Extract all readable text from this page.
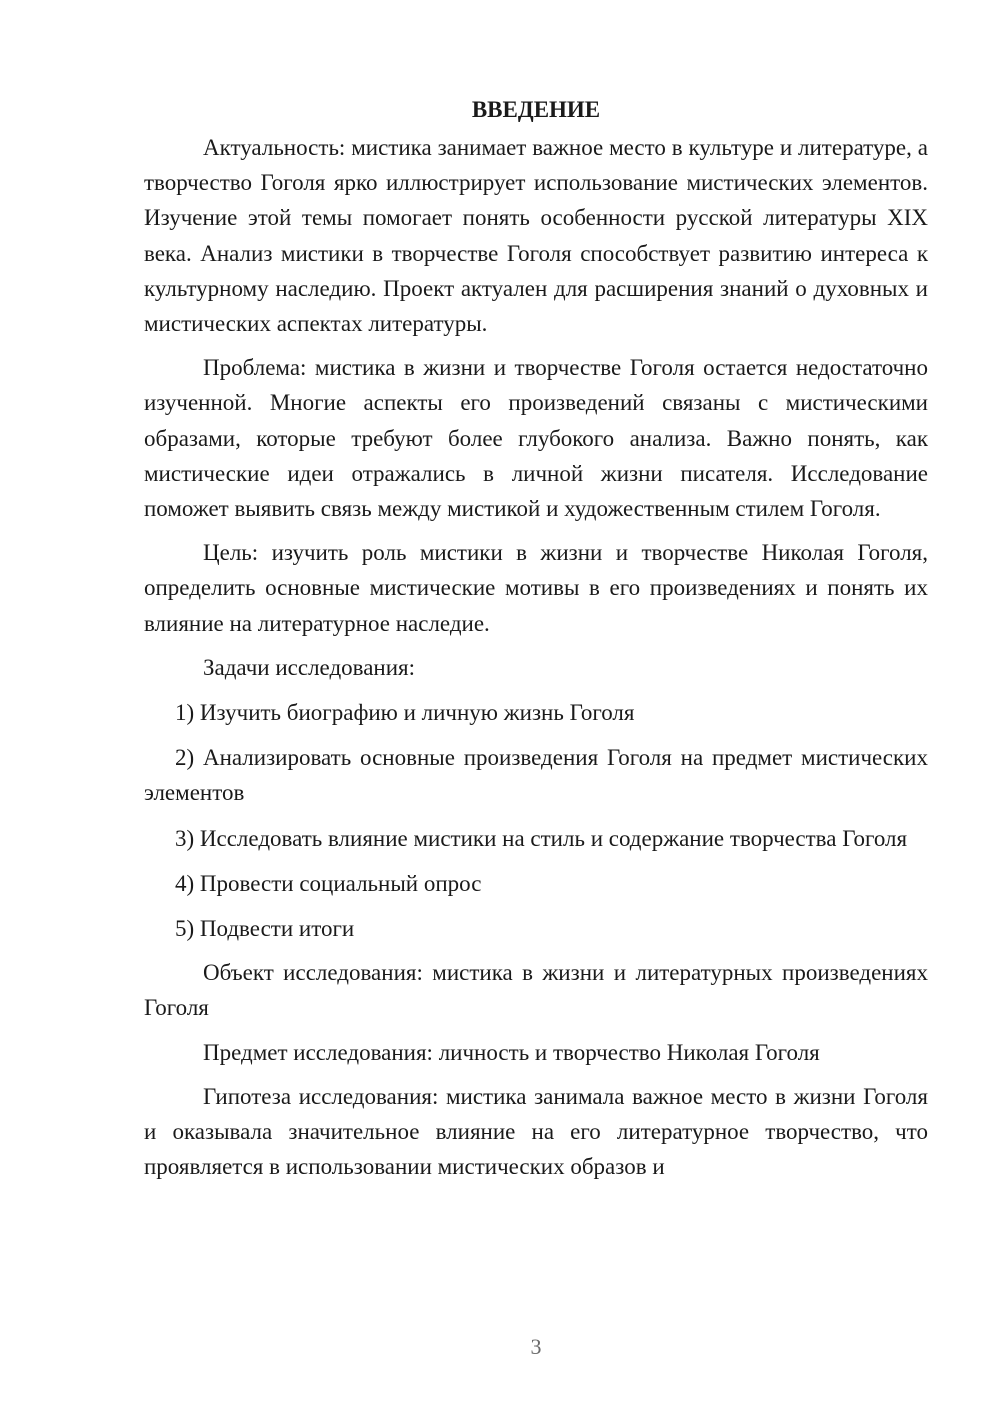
ВВЕДЕНИЕ

Актуальность: мистика занимает важное место в культуре и литературе, а творчество Гоголя ярко иллюстрирует использование мистических элементов. Изучение этой темы помогает понять особенности русской литературы XIX века. Анализ мистики в творчестве Гоголя способствует развитию интереса к культурному наследию. Проект актуален для расширения знаний о духовных и мистических аспектах литературы.

Проблема: мистика в жизни и творчестве Гоголя остается недостаточно изученной. Многие аспекты его произведений связаны с мистическими образами, которые требуют более глубокого анализа. Важно понять, как мистические идеи отражались в личной жизни писателя. Исследование поможет выявить связь между мистикой и художественным стилем Гоголя.

Цель: изучить роль мистики в жизни и творчестве Николая Гоголя, определить основные мистические мотивы в его произведениях и понять их влияние на литературное наследие.

Задачи исследования:

1) Изучить биографию и личную жизнь Гоголя

2) Анализировать основные произведения Гоголя на предмет мистических элементов

3) Исследовать влияние мистики на стиль и содержание творчества Гоголя

4) Провести социальный опрос

5) Подвести итоги

Объект исследования: мистика в жизни и литературных произведениях Гоголя

Предмет исследования: личность и творчество Николая Гоголя

Гипотеза исследования: мистика занимала важное место в жизни Гоголя и оказывала значительное влияние на его литературное творчество, что проявляется в использовании мистических образов и

3
